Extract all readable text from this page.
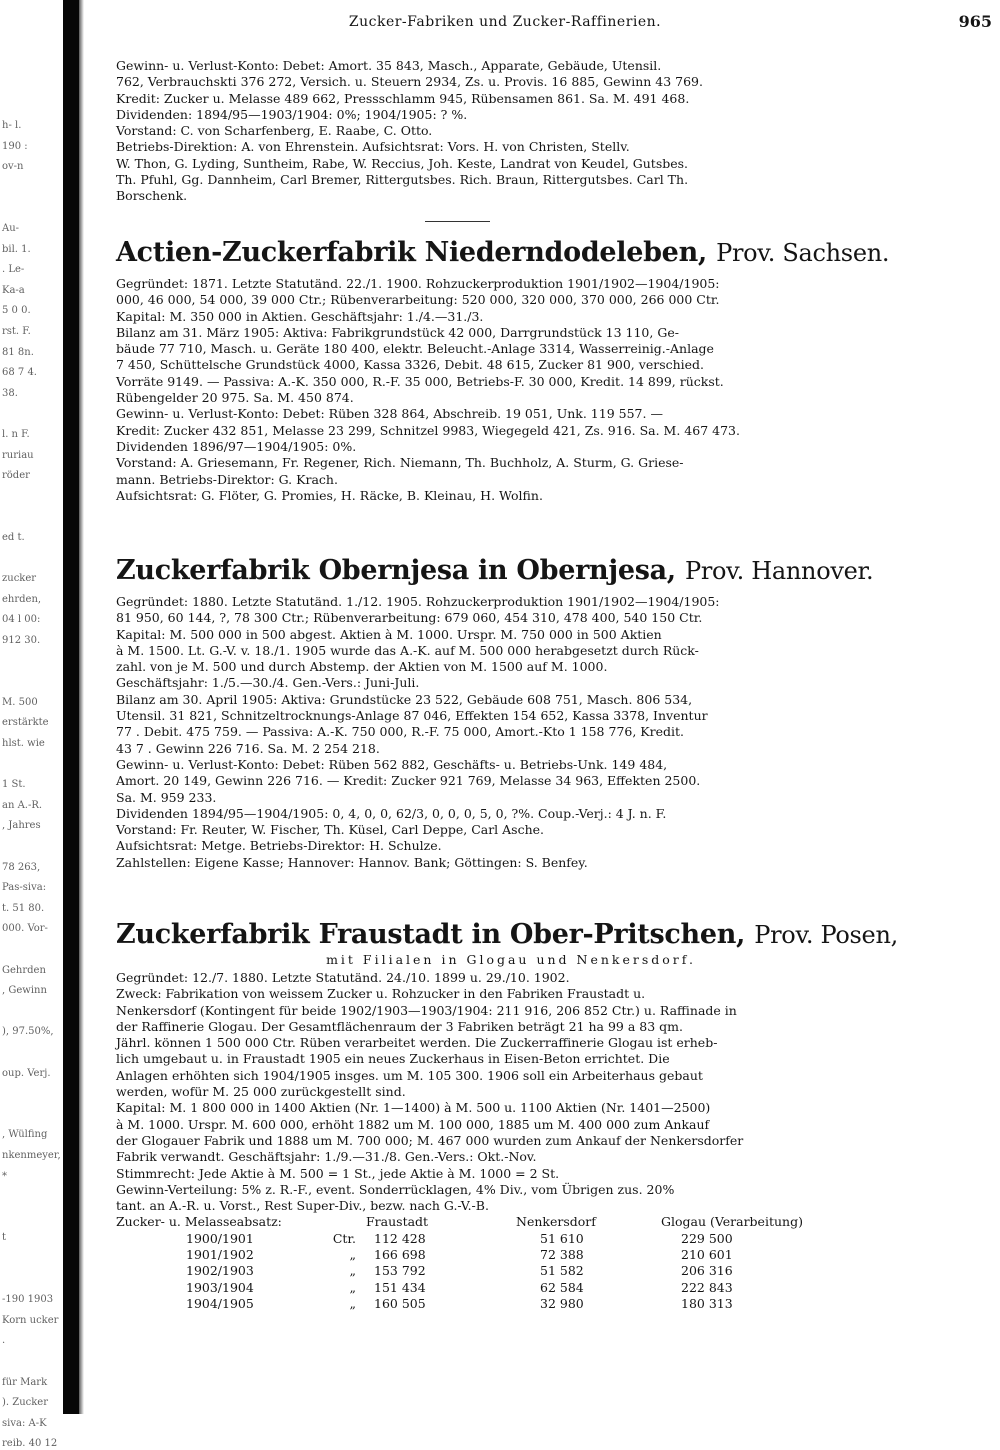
h- l.
190 :
ov-n
Au-
bil. 1.
. Le-
Ka-a
5 0 0.
rst. F.
81 8n.
68 7 4.
38.
l. n F.
ruriau
röder
ed t.
zucker
ehrden,
04 l 00:
912 30.
M. 500
erstärkte
hlst. wie
1 St.
an A.-R.
, Jahres
78 263,
Pas-siva:
t. 51 80.
000. Vor-
Gehrden
, Gewinn
), 97.50%,
oup. Verj.
, Wülfing
nkenmeyer,
*
t
-190 1903
Korn ucker
.
für Mark
). Zucker
siva: A-K
reib. 40 12
Zucker-Fabriken und Zucker-Raffinerien.	965
Gewinn- u. Verlust-Konto: Debet: Amort. 35 843, Masch., Apparate, Gebäude, Utensil.
762, Verbrauchskti 376 272, Versich. u. Steuern 2934, Zs. u. Provis. 16 885, Gewinn 43 769.
Kredit: Zucker u. Melasse 489 662, Pressschlamm 945, Rübensamen 861. Sa. M. 491 468.
Dividenden: 1894/95—1903/1904: 0%; 1904/1905: ? %.
Vorstand: C. von Scharfenberg, E. Raabe, C. Otto.
Betriebs-Direktion: A. von Ehrenstein. Aufsichtsrat: Vors. H. von Christen, Stellv.
W. Thon, G. Lyding, Suntheim, Rabe, W. Reccius, Joh. Keste, Landrat von Keudel, Gutsbes.
Th. Pfuhl, Gg. Dannheim, Carl Bremer, Rittergutsbes. Rich. Braun, Rittergutsbes. Carl Th.
Borschenk.
Actien-Zuckerfabrik Niederndodeleben, Prov. Sachsen.
Gegründet: 1871. Letzte Statutänd. 22./1. 1900. Rohzuckerproduktion 1901/1902—1904/1905:
000, 46 000, 54 000, 39 000 Ctr.; Rübenverarbeitung: 520 000, 320 000, 370 000, 266 000 Ctr.
Kapital: M. 350 000 in Aktien. Geschäftsjahr: 1./4.—31./3.
Bilanz am 31. März 1905: Aktiva: Fabrikgrundstück 42 000, Darrgrundstück 13 110, Ge-
bäude 77 710, Masch. u. Geräte 180 400, elektr. Beleucht.-Anlage 3314, Wasserreinig.-Anlage
7 450, Schüttelsche Grundstück 4000, Kassa 3326, Debit. 48 615, Zucker 81 900, verschied.
Vorräte 9149. — Passiva: A.-K. 350 000, R.-F. 35 000, Betriebs-F. 30 000, Kredit. 14 899, rückst.
Rübengelder 20 975. Sa. M. 450 874.
Gewinn- u. Verlust-Konto: Debet: Rüben 328 864, Abschreib. 19 051, Unk. 119 557. —
Kredit: Zucker 432 851, Melasse 23 299, Schnitzel 9983, Wiegegeld 421, Zs. 916. Sa. M. 467 473.
Dividenden 1896/97—1904/1905: 0%.
Vorstand: A. Griesemann, Fr. Regener, Rich. Niemann, Th. Buchholz, A. Sturm, G. Griese-
mann. Betriebs-Direktor: G. Krach.
Aufsichtsrat: G. Flöter, G. Promies, H. Räcke, B. Kleinau, H. Wolfin.
Zuckerfabrik Obernjesa in Obernjesa, Prov. Hannover.
Gegründet: 1880. Letzte Statutänd. 1./12. 1905. Rohzuckerproduktion 1901/1902—1904/1905:
81 950, 60 144, ?, 78 300 Ctr.; Rübenverarbeitung: 679 060, 454 310, 478 400, 540 150 Ctr.
Kapital: M. 500 000 in 500 abgest. Aktien à M. 1000. Urspr. M. 750 000 in 500 Aktien
à M. 1500. Lt. G.-V. v. 18./1. 1905 wurde das A.-K. auf M. 500 000 herabgesetzt durch Rück-
zahl. von je M. 500 und durch Abstemp. der Aktien von M. 1500 auf M. 1000.
Geschäftsjahr: 1./5.—30./4. Gen.-Vers.: Juni-Juli.
Bilanz am 30. April 1905: Aktiva: Grundstücke 23 522, Gebäude 608 751, Masch. 806 534,
Utensil. 31 821, Schnitzeltrocknungs-Anlage 87 046, Effekten 154 652, Kassa 3378, Inventur
77 . Debit. 475 759. — Passiva: A.-K. 750 000, R.-F. 75 000, Amort.-Kto 1 158 776, Kredit.
43 7 . Gewinn 226 716. Sa. M. 2 254 218.
Gewinn- u. Verlust-Konto: Debet: Rüben 562 882, Geschäfts- u. Betriebs-Unk. 149 484,
Amort. 20 149, Gewinn 226 716. — Kredit: Zucker 921 769, Melasse 34 963, Effekten 2500.
Sa. M. 959 233.
Dividenden 1894/95—1904/1905: 0, 4, 0, 0, 62/3, 0, 0, 0, 5, 0, ?%. Coup.-Verj.: 4 J. n. F.
Vorstand: Fr. Reuter, W. Fischer, Th. Küsel, Carl Deppe, Carl Asche.
Aufsichtsrat: Metge. Betriebs-Direktor: H. Schulze.
Zahlstellen: Eigene Kasse; Hannover: Hannov. Bank; Göttingen: S. Benfey.
Zuckerfabrik Fraustadt in Ober-Pritschen, Prov. Posen,
mit Filialen in Glogau und Nenkersdorf.
Gegründet: 12./7. 1880. Letzte Statutänd. 24./10. 1899 u. 29./10. 1902.
Zweck: Fabrikation von weissem Zucker u. Rohzucker in den Fabriken Fraustadt u.
Nenkersdorf (Kontingent für beide 1902/1903—1903/1904: 211 916, 206 852 Ctr.) u. Raffinade in
der Raffinerie Glogau. Der Gesamtflächenraum der 3 Fabriken beträgt 21 ha 99 a 83 qm.
Jährl. können 1 500 000 Ctr. Rüben verarbeitet werden. Die Zuckerraffinerie Glogau ist erheb-
lich umgebaut u. in Fraustadt 1905 ein neues Zuckerhaus in Eisen-Beton errichtet. Die
Anlagen erhöhten sich 1904/1905 insges. um M. 105 300. 1906 soll ein Arbeiterhaus gebaut
werden, wofür M. 25 000 zurückgestellt sind.
Kapital: M. 1 800 000 in 1400 Aktien (Nr. 1—1400) à M. 500 u. 1100 Aktien (Nr. 1401—2500)
à M. 1000. Urspr. M. 600 000, erhöht 1882 um M. 100 000, 1885 um M. 400 000 zum Ankauf
der Glogauer Fabrik und 1888 um M. 700 000; M. 467 000 wurden zum Ankauf der Nenkersdorfer
Fabrik verwandt. Geschäftsjahr: 1./9.—31./8. Gen.-Vers.: Okt.-Nov.
Stimmrecht: Jede Aktie à M. 500 = 1 St., jede Aktie à M. 1000 = 2 St.
Gewinn-Verteilung: 5% z. R.-F., event. Sonderrücklagen, 4% Div., vom Übrigen zus. 20%
tant. an A.-R. u. Vorst., Rest Super-Div., bezw. nach G.-V.-B.
Zucker- u. Melasseabsatz:		Fraustadt	Nenkersdorf	Glogau (Verarbeitung)
1900/1901	Ctr.	112 428	51 610	229 500
1901/1902	„	166 698	72 388	210 601
1902/1903	„	153 792	51 582	206 316
1903/1904	„	151 434	62 584	222 843
1904/1905	„	160 505	32 980	180 313
